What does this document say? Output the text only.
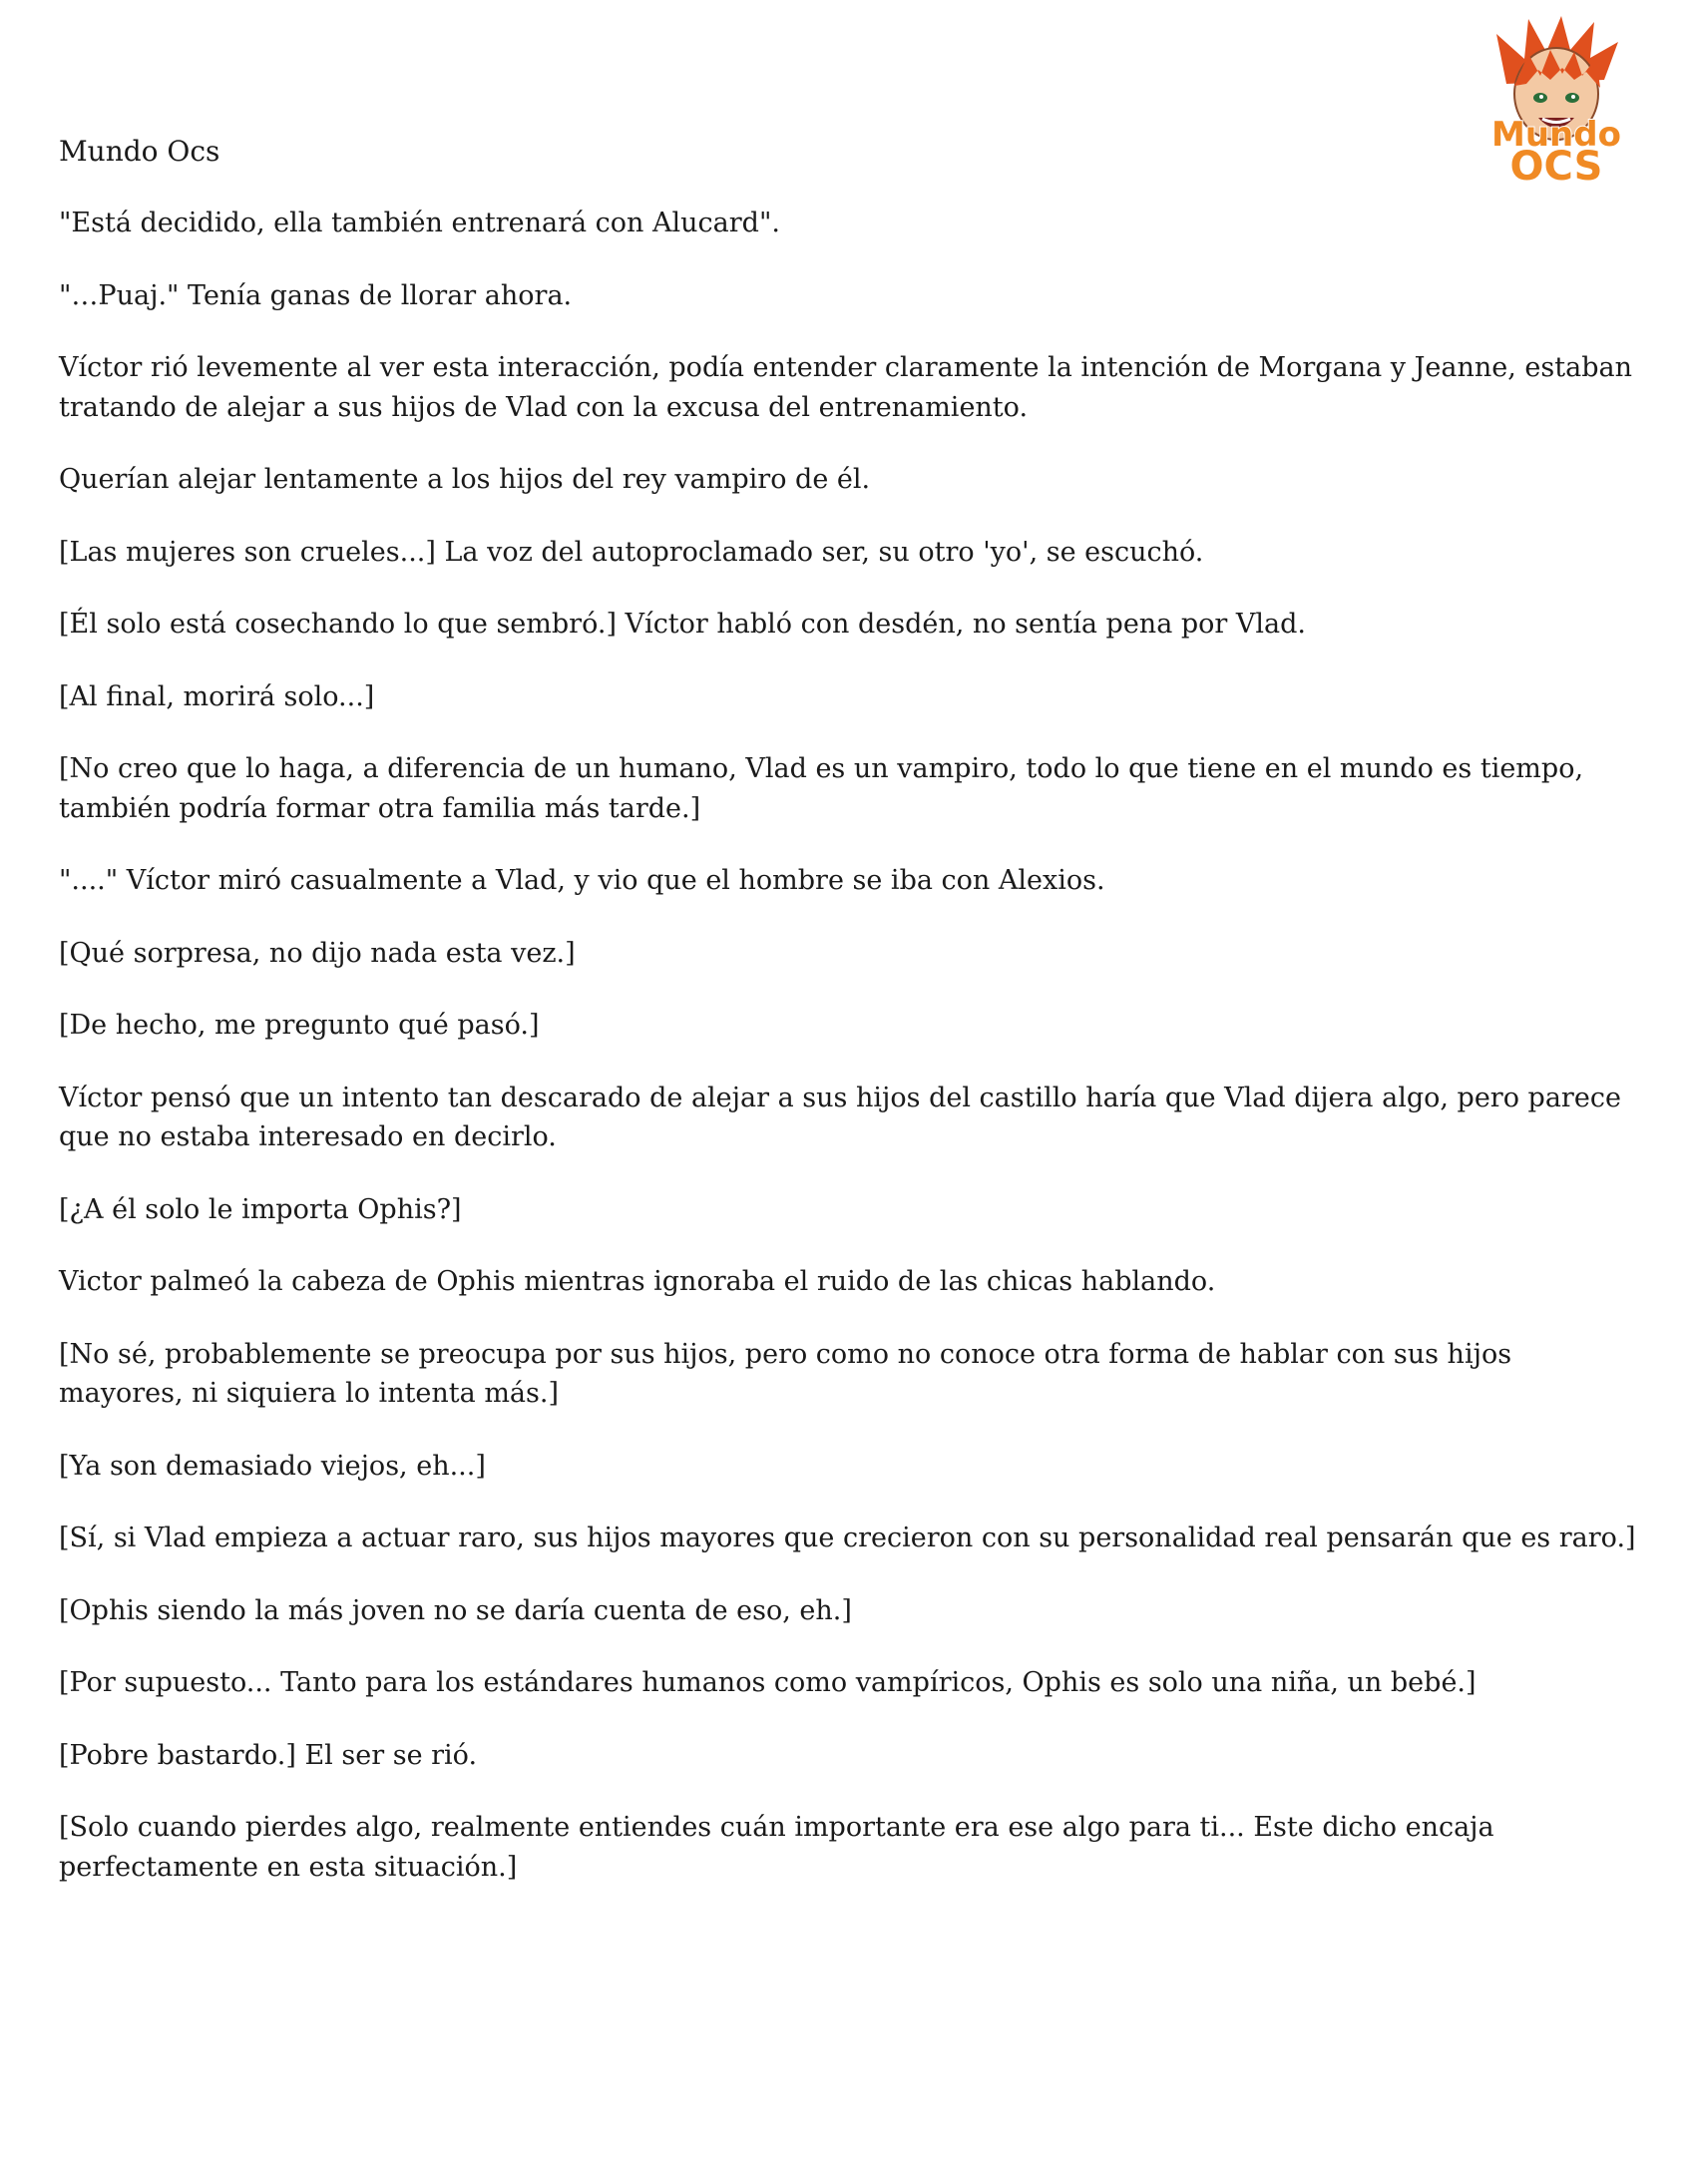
Mundo Ocs	Mundo
OCS

"Está decidido, ella también entrenará con Alucard".

"…Puaj." Tenía ganas de llorar ahora.

Víctor rió levemente al ver esta interacción, podía entender claramente la intención de Morgana y Jeanne, estaban tratando de alejar a sus hijos de Vlad con la excusa del entrenamiento.

Querían alejar lentamente a los hijos del rey vampiro de él.

[Las mujeres son crueles...] La voz del autoproclamado ser, su otro 'yo', se escuchó.

[Él solo está cosechando lo que sembró.] Víctor habló con desdén, no sentía pena por Vlad.

[Al final, morirá solo...]

[No creo que lo haga, a diferencia de un humano, Vlad es un vampiro, todo lo que tiene en el mundo es tiempo, también podría formar otra familia más tarde.]

"...." Víctor miró casualmente a Vlad, y vio que el hombre se iba con Alexios.

[Qué sorpresa, no dijo nada esta vez.]

[De hecho, me pregunto qué pasó.]

Víctor pensó que un intento tan descarado de alejar a sus hijos del castillo haría que Vlad dijera algo, pero parece que no estaba interesado en decirlo.

[¿A él solo le importa Ophis?]

Victor palmeó la cabeza de Ophis mientras ignoraba el ruido de las chicas hablando.

[No sé, probablemente se preocupa por sus hijos, pero como no conoce otra forma de hablar con sus hijos mayores, ni siquiera lo intenta más.]

[Ya son demasiado viejos, eh...]

[Sí, si Vlad empieza a actuar raro, sus hijos mayores que crecieron con su personalidad real pensarán que es raro.]

[Ophis siendo la más joven no se daría cuenta de eso, eh.]

[Por supuesto... Tanto para los estándares humanos como vampíricos, Ophis es solo una niña, un bebé.]

[Pobre bastardo.] El ser se rió.

[Solo cuando pierdes algo, realmente entiendes cuán importante era ese algo para ti... Este dicho encaja perfectamente en esta situación.]
